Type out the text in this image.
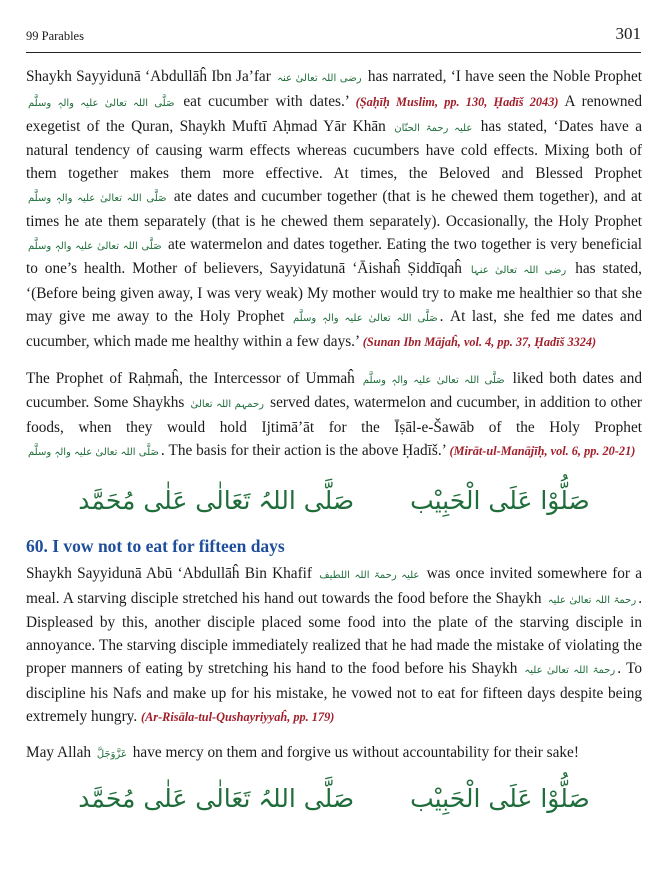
99 Parables	301

Shaykh Sayyidunā ‘Abdullāĥ Ibn Ja’far رضی اللہ تعالیٰ عنہ has narrated, ‘I have seen the Noble Prophet صَلَّی اللہ تعالیٰ علیہ والہٖ وسلَّم eat cucumber with dates.’ (Ṣaḥīḥ Muslim, pp. 130, Ḥadīš 2043) A renowned exegetist of the Quran, Shaykh Muftī Aḥmad Yār Khān علیہ رحمۃ الحنّان has stated, ‘Dates have a natural tendency of causing warm effects whereas cucumbers have cold effects. Mixing both of them together makes them more effective. At times, the Beloved and Blessed Prophet صَلَّی اللہ تعالیٰ علیہ والہٖ وسلَّم ate dates and cucumber together (that is he chewed them together), and at times he ate them separately (that is he chewed them separately). Occasionally, the Holy Prophet صَلَّی اللہ تعالیٰ علیہ والہٖ وسلَّم ate watermelon and dates together. Eating the two together is very beneficial to one’s health. Mother of believers, Sayyidatunā ‘Āishaĥ Ṣiddīqaĥ رضی اللہ تعالیٰ عنہا has stated, ‘(Before being given away, I was very weak) My mother would try to make me healthier so that she may give me away to the Holy Prophet صَلَّی اللہ تعالیٰ علیہ والہٖ وسلَّم . At last, she fed me dates and cucumber, which made me healthy within a few days.’ (Sunan Ibn Mājaĥ, vol. 4, pp. 37, Ḥadīš 3324)

The Prophet of Raḥmaĥ, the Intercessor of Ummaĥ صَلَّی اللہ تعالیٰ علیہ والہٖ وسلَّم liked both dates and cucumber. Some Shaykhs رحمہم اللہ تعالیٰ served dates, watermelon and cucumber, in addition to other foods, when they would hold Ijtimā’āt for the Īṣāl-e-Šawāb of the Holy Prophet صَلَّی اللہ تعالیٰ علیہ والہٖ وسلَّم . The basis for their action is the above Ḥadīš.’ (Mirāt-ul-Manājīḥ, vol. 6, pp. 20-21)

صَلُّوْا عَلَی الْحَبِیْب صَلَّی اللہُ تَعَالٰی عَلٰی مُحَمَّد
60. I vow not to eat for fifteen days

Shaykh Sayyidunā Abū ‘Abdullāĥ Bin Khafif علیہ رحمۃ اللہ اللطیف was once invited somewhere for a meal. A starving disciple stretched his hand out towards the food before the Shaykh رحمۃ اللہ تعالیٰ علیہ . Displeased by this, another disciple placed some food into the plate of the starving disciple in annoyance. The starving disciple immediately realized that he had made the mistake of violating the proper manners of eating by stretching his hand to the food before his Shaykh رحمۃ اللہ تعالیٰ علیہ . To discipline his Nafs and make up for his mistake, he vowed not to eat for fifteen days despite being extremely hungry. (Ar-Risāla-tul-Qushayriyyaĥ, pp. 179)

May Allah عَزَّوَجَلَّ have mercy on them and forgive us without accountability for their sake!

صَلُّوْا عَلَی الْحَبِیْب صَلَّی اللہُ تَعَالٰی عَلٰی مُحَمَّد
